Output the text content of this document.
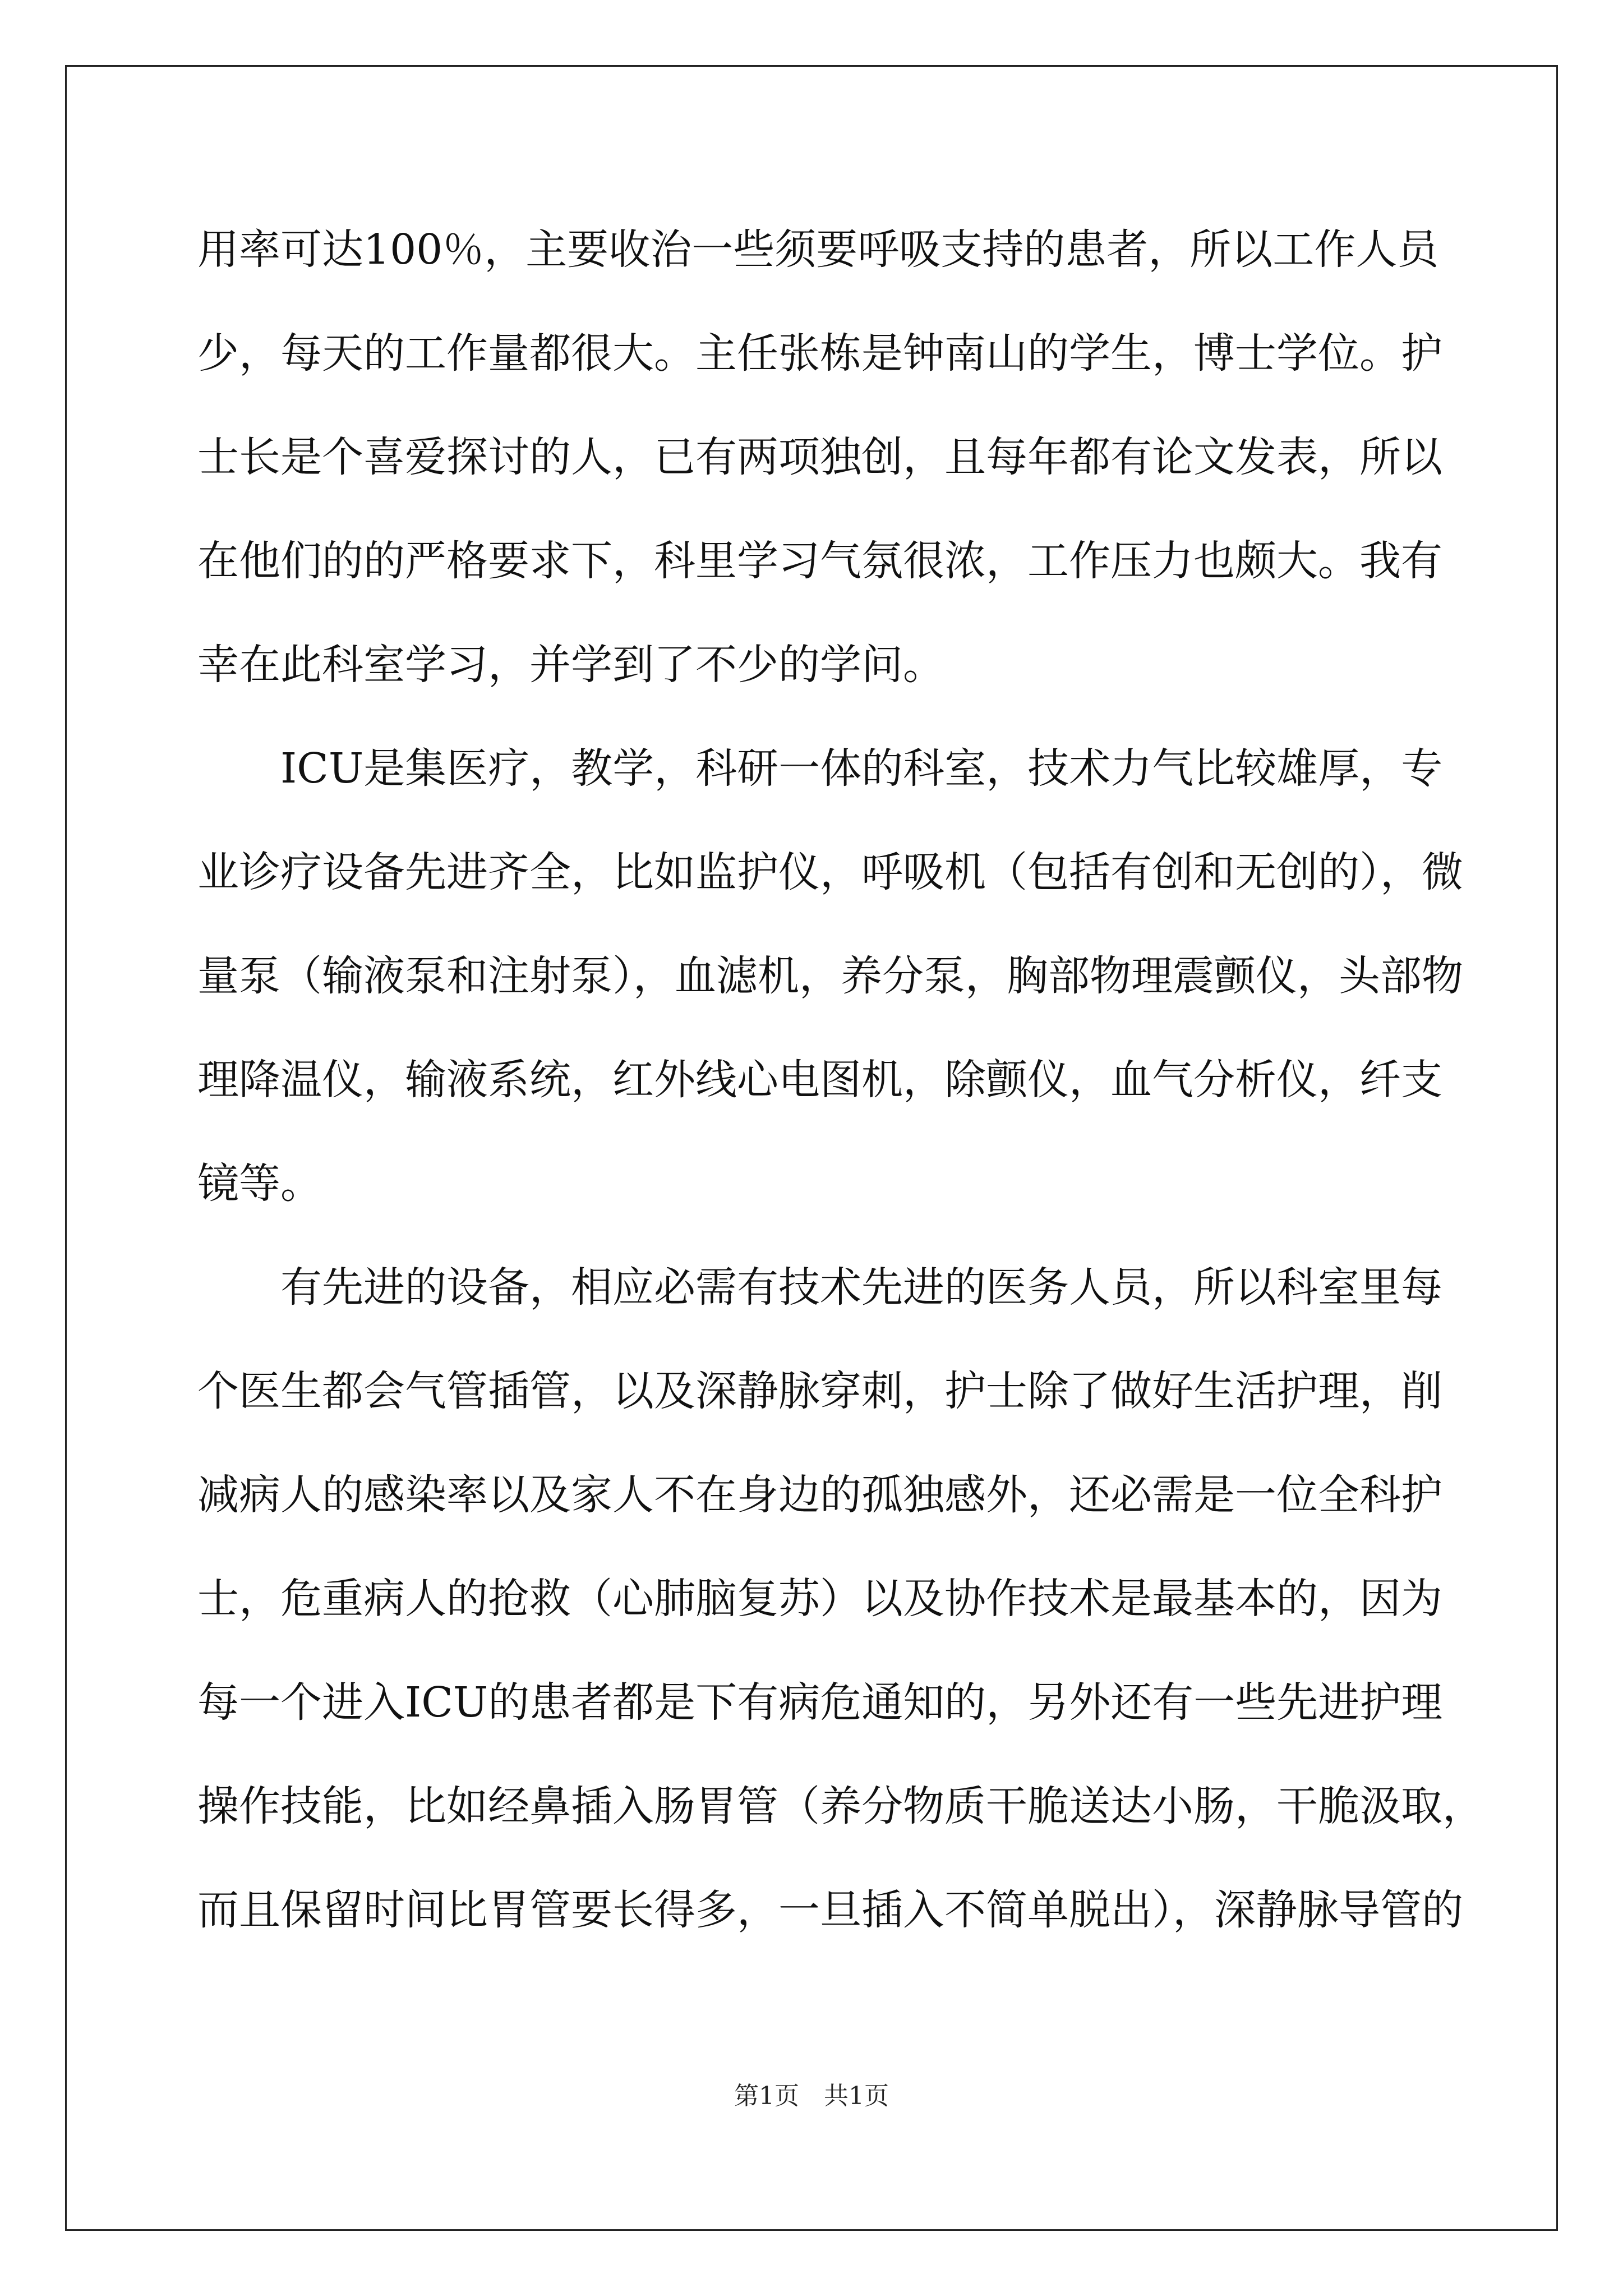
用率可达100％，主要收治一些须要呼吸支持的患者，所以工作人员
少，每天的工作量都很大。主任张栋是钟南山的学生，博士学位。护
士长是个喜爱探讨的人，已有两项独创，且每年都有论文发表，所以
在他们的的严格要求下，科里学习气氛很浓，工作压力也颇大。我有
幸在此科室学习，并学到了不少的学问。
　　ICU是集医疗，教学，科研一体的科室，技术力气比较雄厚，专
业诊疗设备先进齐全，比如监护仪，呼吸机（包括有创和无创的），微
量泵（输液泵和注射泵），血滤机，养分泵，胸部物理震颤仪，头部物
理降温仪，输液系统，红外线心电图机，除颤仪，血气分析仪，纤支
镜等。
　　有先进的设备，相应必需有技术先进的医务人员，所以科室里每
个医生都会气管插管，以及深静脉穿刺，护士除了做好生活护理，削
减病人的感染率以及家人不在身边的孤独感外，还必需是一位全科护
士，危重病人的抢救（心肺脑复苏）以及协作技术是最基本的，因为
每一个进入ICU的患者都是下有病危通知的，另外还有一些先进护理
操作技能，比如经鼻插入肠胃管（养分物质干脆送达小肠，干脆汲取，
而且保留时间比胃管要长得多，一旦插入不简单脱出），深静脉导管的
第1页　共1页
